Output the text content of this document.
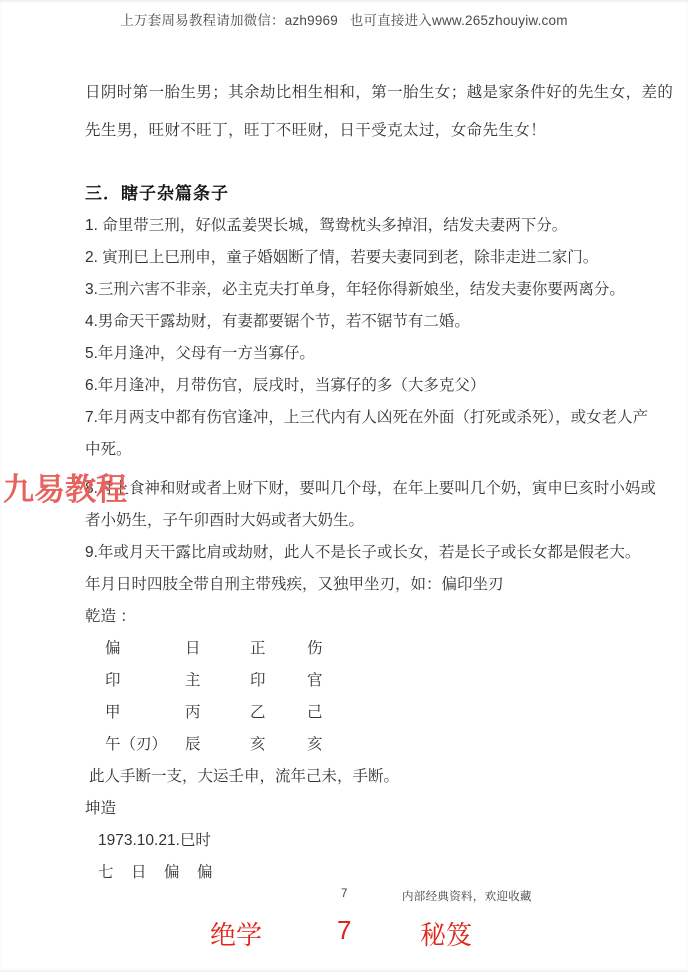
上万套周易教程请加微信：azh9969   也可直接进入www.265zhouyiw.com
日阴时第一胎生男；其余劫比相生相和，第一胎生女；越是家条件好的先生女，差的
先生男，旺财不旺丁，旺丁不旺财，日干受克太过，女命先生女！
三．瞎子杂篇条子
1. 命里带三刑，好似孟姜哭长城，鸳鸯枕头多掉泪，结发夫妻两下分。
2. 寅刑巳上巳刑申，童子婚姻断了情，若要夫妻同到老，除非走进二家门。
3.三刑六害不非亲，必主克夫打单身，年轻你得新娘坐，结发夫妻你要两离分。
4.男命天干露劫财，有妻都要锯个节，若不锯节有二婚。
5.年月逢冲，父母有一方当寡仔。
6.年月逢冲，月带伤官，辰戌时，当寡仔的多（大多克父）
7.年月两支中都有伤官逢冲，上三代内有人凶死在外面（打死或杀死），或女老人产
中死。
8.月上食神和财或者上财下财，要叫几个母，在年上要叫几个奶，寅申巳亥时小妈或
者小奶生，子午卯酉时大妈或者大奶生。
9.年或月天干露比肩或劫财，此人不是长子或长女，若是长子或长女都是假老大。
年月日时四肢全带自刑主带残疾，又独甲坐刃，如：偏印坐刃
乾造 ：
偏	日	正	伤
印	主	印	官
甲	丙	乙	己
午（刃） 辰	亥	亥
此人手断一支，大运壬申，流年己未，手断。
坤造
1973.10.21.巳时
七 日 偏 偏
九易教程
7	内部经典资料，欢迎收藏
绝学	7	秘笈
